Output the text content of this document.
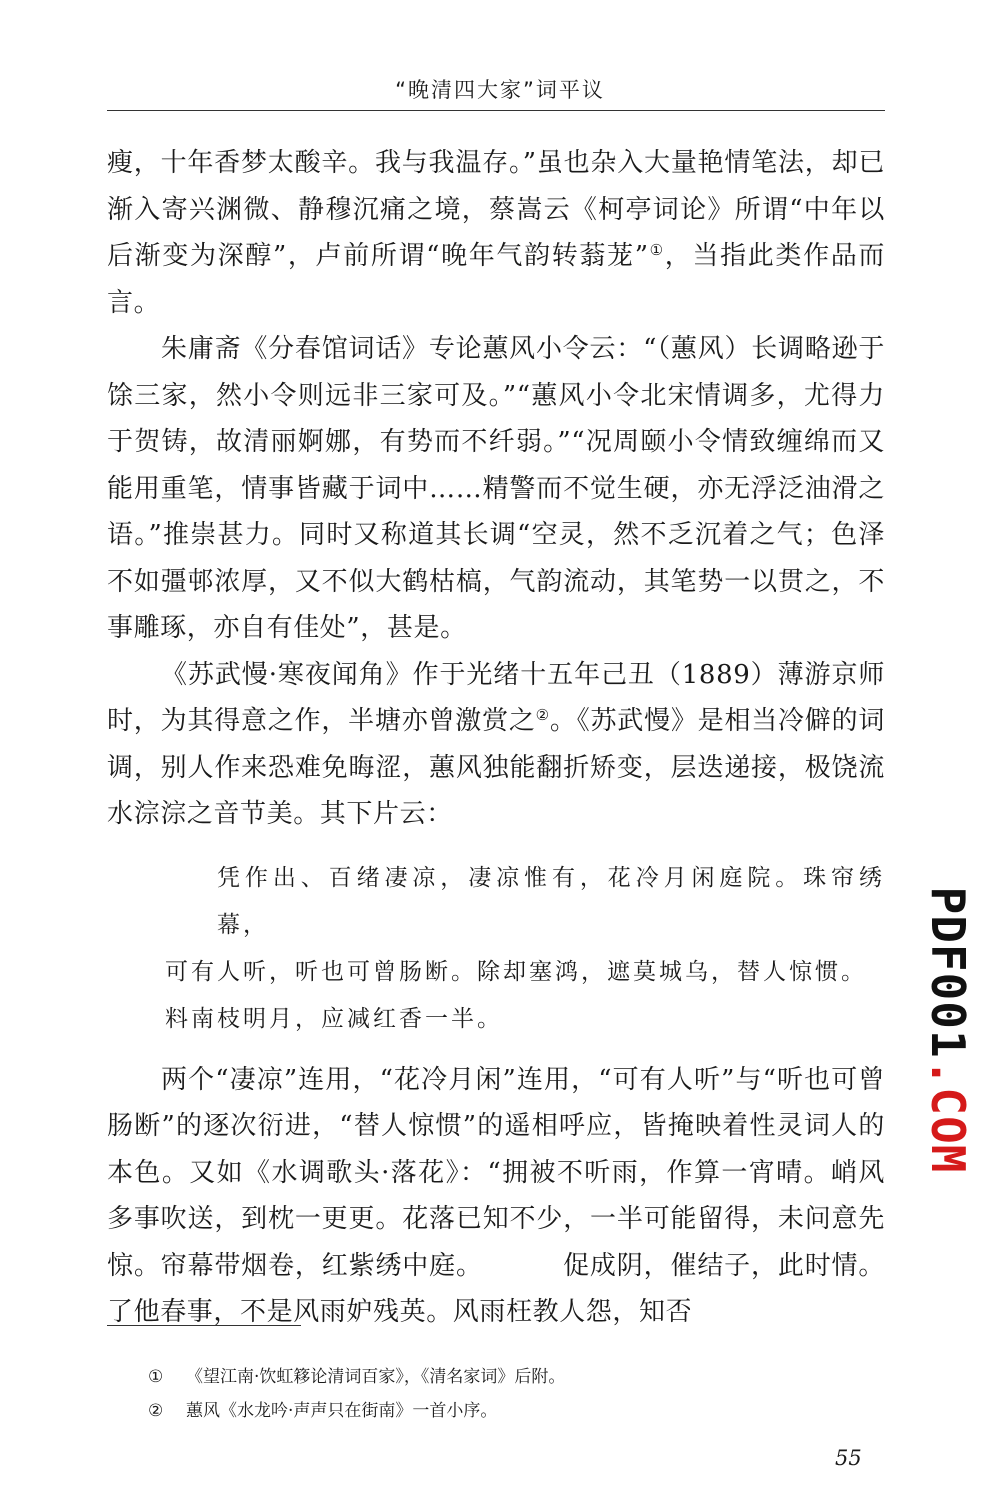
“晚清四大家”词平议

瘦，十年香梦太酸辛。我与我温存。”虽也杂入大量艳情笔法，却已渐入寄兴渊微、静穆沉痛之境，蔡嵩云《柯亭词论》所谓“中年以后渐变为深醇”，卢前所谓“晚年气韵转蓊茏”①，当指此类作品而言。

朱庸斋《分春馆词话》专论蕙风小令云：“（蕙风）长调略逊于馀三家，然小令则远非三家可及。”“蕙风小令北宋情调多，尤得力于贺铸，故清丽婀娜，有势而不纤弱。”“况周颐小令情致缠绵而又能用重笔，情事皆藏于词中……精警而不觉生硬，亦无浮泛油滑之语。”推崇甚力。同时又称道其长调“空灵，然不乏沉着之气；色泽不如彊邨浓厚，又不似大鹤枯槁，气韵流动，其笔势一以贯之，不事雕琢，亦自有佳处”，甚是。

《苏武慢·寒夜闻角》作于光绪十五年己丑（1889）薄游京师时，为其得意之作，半塘亦曾激赏之②。《苏武慢》是相当冷僻的词调，别人作来恐难免晦涩，蕙风独能翻折矫变，层迭递接，极饶流水淙淙之音节美。其下片云：

凭作出、百绪凄凉，凄凉惟有，花冷月闲庭院。珠帘绣幕，
可有人听，听也可曾肠断。除却塞鸿，遮莫城乌，替人惊惯。
料南枝明月，应减红香一半。

两个“凄凉”连用，“花冷月闲”连用，“可有人听”与“听也可曾肠断”的逐次衍进，“替人惊惯”的遥相呼应，皆掩映着性灵词人的本色。又如《水调歌头·落花》：“拥被不听雨，作算一宵晴。峭风多事吹送，到枕一更更。花落已知不少，一半可能留得，未问意先惊。帘幕带烟卷，红紫绣中庭。	促成阴，催结子，此时情。了他春事，不是风雨妒残英。风雨枉教人怨，知否

① 《望江南·饮虹簃论清词百家》，《清名家词》后附。
② 蕙风《水龙吟·声声只在街南》一首小序。
55
PDF001.COM
